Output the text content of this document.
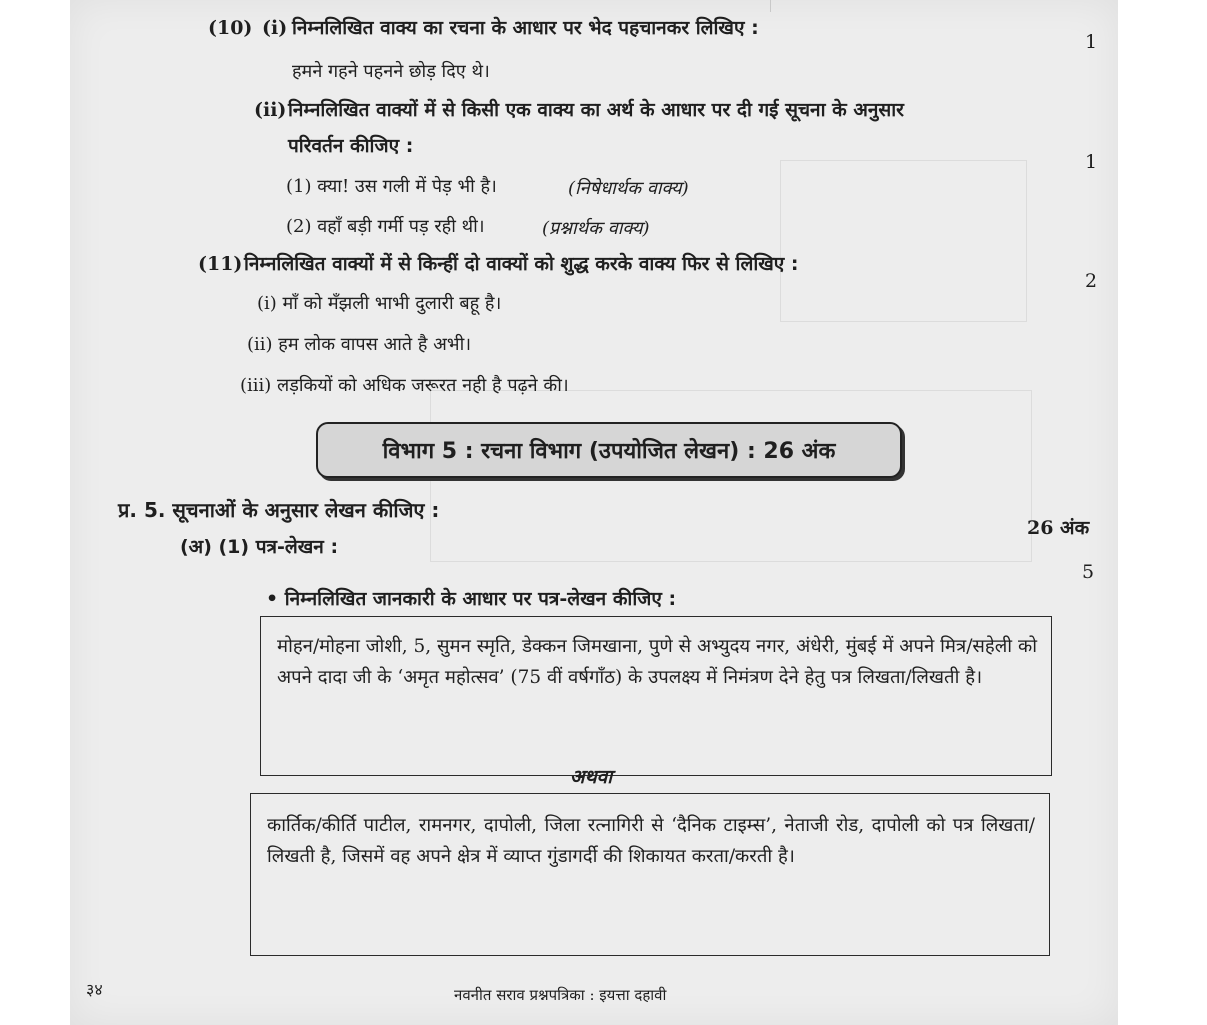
(10) (i) निम्नलिखित वाक्य का रचना के आधार पर भेद पहचानकर लिखिए :
1
हमने गहने पहनने छोड़ दिए थे।
(ii) निम्नलिखित वाक्यों में से किसी एक वाक्य का अर्थ के आधार पर दी गई सूचना के अनुसार
परिवर्तन कीजिए :
1
(1) क्या! उस गली में पेड़ भी है।	(निषेधार्थक वाक्य)
(2) वहाँ बड़ी गर्मी पड़ रही थी।	(प्रश्नार्थक वाक्य)
(11) निम्नलिखित वाक्यों में से किन्हीं दो वाक्यों को शुद्ध करके वाक्य फिर से लिखिए :
2
(i) माँ को मँझली भाभी दुलारी बहू है।
(ii) हम लोक वापस आते है अभी।
(iii) लड़कियों को अधिक जरूरत नही है पढ़ने की।
विभाग 5 : रचना विभाग (उपयोजित लेखन) : 26 अंक
प्र. 5. सूचनाओं के अनुसार लेखन कीजिए :
26 अंक
(अ) (1) पत्र-लेखन :
5
• निम्नलिखित जानकारी के आधार पर पत्र-लेखन कीजिए :

मोहन/मोहना जोशी, 5, सुमन स्मृति, डेक्कन जिमखाना, पुणे से अभ्युदय नगर, अंधेरी, मुंबई में अपने मित्र/सहेली को अपने दादा जी के ‘अमृत महोत्सव’ (75 वीं वर्षगाँठ) के उपलक्ष्य में निमंत्रण देने हेतु पत्र लिखता/लिखती है।

अथवा

कार्तिक/कीर्ति पाटील, रामनगर, दापोली, जिला रत्नागिरी से ‘दैनिक टाइम्स’, नेताजी रोड, दापोली को पत्र लिखता/लिखती है, जिसमें वह अपने क्षेत्र में व्याप्त गुंडागर्दी की शिकायत करता/करती है।

३४	नवनीत सराव प्रश्नपत्रिका : इयत्ता दहावी
